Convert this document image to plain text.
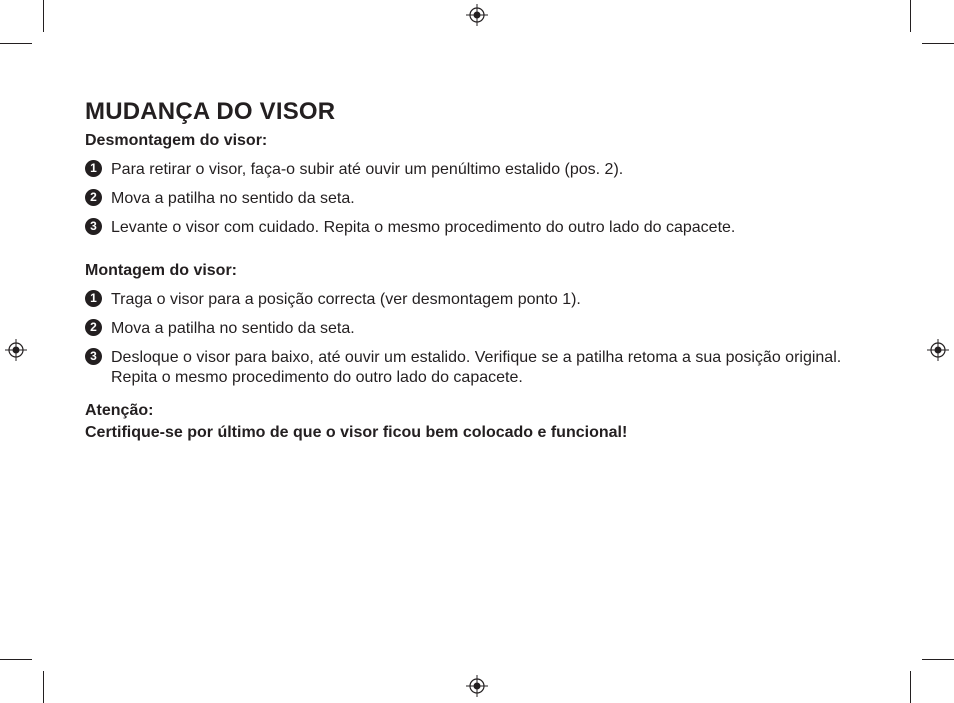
MUDANÇA DO VISOR
Desmontagem do visor:
1 Para retirar o visor, faça-o subir até ouvir um penúltimo estalido (pos. 2).
2 Mova a patilha no sentido da seta.
3 Levante o visor com cuidado. Repita o mesmo procedimento do outro lado do capacete.
Montagem do visor:
1 Traga o visor para a posição correcta (ver desmontagem ponto 1).
2 Mova a patilha no sentido da seta.
3 Desloque o visor para baixo, até ouvir um estalido. Verifique se a patilha retoma a sua posição original. Repita o mesmo procedimento do outro lado do capacete.
Atenção:
Certifique-se por último de que o visor ficou bem colocado e funcional!
